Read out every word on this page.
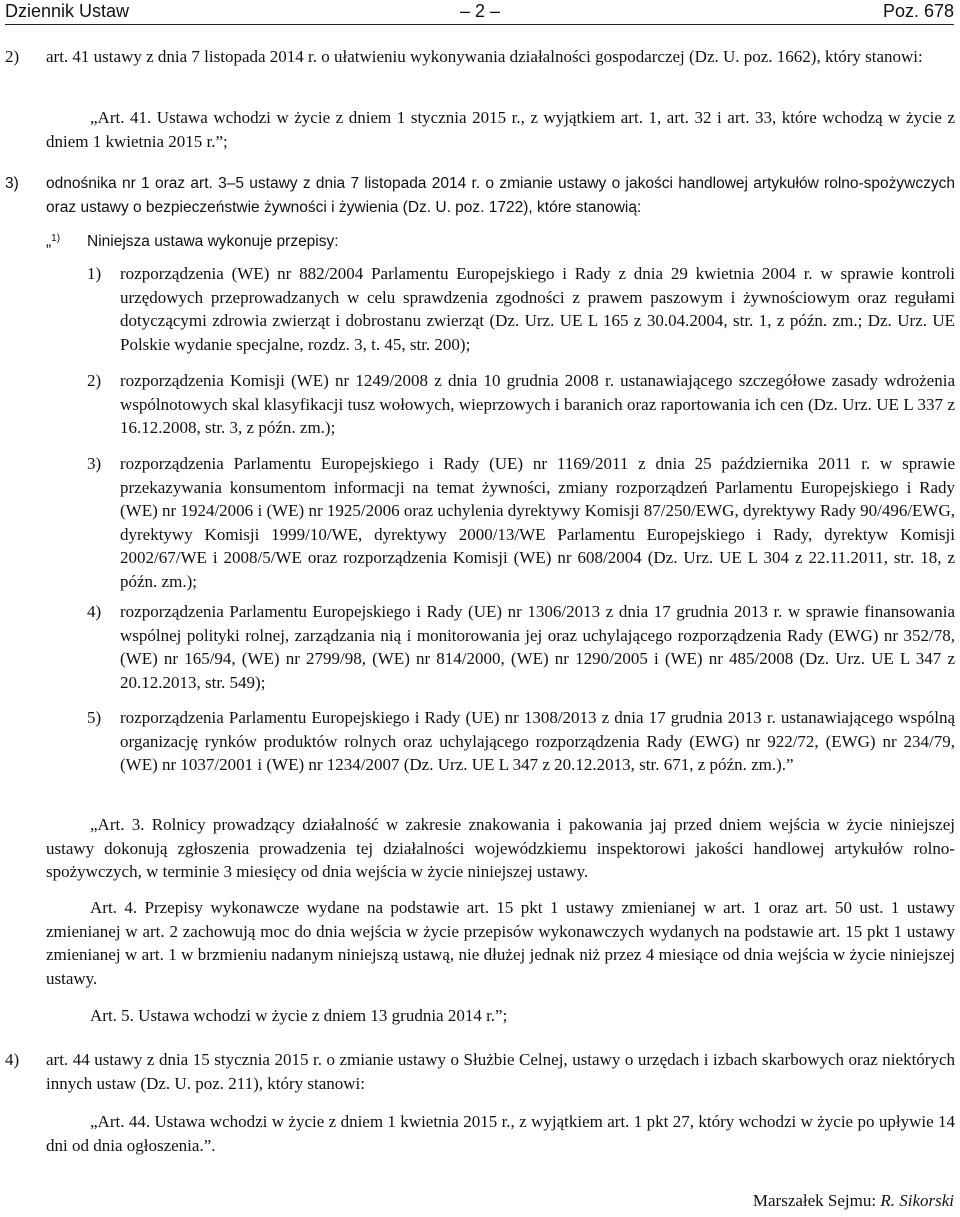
– 2 –
Dziennik Ustaw	Poz. 678
2) art. 41 ustawy z dnia 7 listopada 2014 r. o ułatwieniu wykonywania działalności gospodarczej (Dz. U. poz. 1662), który stanowi:
„Art. 41. Ustawa wchodzi w życie z dniem 1 stycznia 2015 r., z wyjątkiem art. 1, art. 32 i art. 33, które wchodzą w życie z dniem 1 kwietnia 2015 r.”;
3) odnośnika nr 1 oraz art. 3–5 ustawy z dnia 7 listopada 2014 r. o zmianie ustawy o jakości handlowej artykułów rolno-spożywczych oraz ustawy o bezpieczeństwie żywności i żywienia (Dz. U. poz. 1722), które stanowią:
„$^{1)}$ Niniejsza ustawa wykonuje przepisy:
1) rozporządzenia (WE) nr 882/2004 Parlamentu Europejskiego i Rady z dnia 29 kwietnia 2004 r. w sprawie kontroli urzędowych przeprowadzanych w celu sprawdzenia zgodności z prawem paszowym i żywnościowym oraz regułami dotyczącymi zdrowia zwierząt i dobrostanu zwierząt (Dz. Urz. UE L 165 z 30.04.2004, str. 1, z późn. zm.; Dz. Urz. UE Polskie wydanie specjalne, rozdz. 3, t. 45, str. 200);
2) rozporządzenia Komisji (WE) nr 1249/2008 z dnia 10 grudnia 2008 r. ustanawiającego szczegółowe zasady wdrożenia wspólnotowych skal klasyfikacji tusz wołowych, wieprzowych i baranich oraz raportowania ich cen (Dz. Urz. UE L 337 z 16.12.2008, str. 3, z późn. zm.);
3) rozporządzenia Parlamentu Europejskiego i Rady (UE) nr 1169/2011 z dnia 25 października 2011 r. w sprawie przekazywania konsumentom informacji na temat żywności, zmiany rozporządzeń Parlamentu Europejskiego i Rady (WE) nr 1924/2006 i (WE) nr 1925/2006 oraz uchylenia dyrektywy Komisji 87/250/EWG, dyrektywy Rady 90/496/EWG, dyrektywy Komisji 1999/10/WE, dyrektywy 2000/13/WE Parlamentu Europejskiego i Rady, dyrektyw Komisji 2002/67/WE i 2008/5/WE oraz rozporządzenia Komisji (WE) nr 608/2004 (Dz. Urz. UE L 304 z 22.11.2011, str. 18, z późn. zm.);
4) rozporządzenia Parlamentu Europejskiego i Rady (UE) nr 1306/2013 z dnia 17 grudnia 2013 r. w sprawie finansowania wspólnej polityki rolnej, zarządzania nią i monitorowania jej oraz uchylającego rozporządzenia Rady (EWG) nr 352/78, (WE) nr 165/94, (WE) nr 2799/98, (WE) nr 814/2000, (WE) nr 1290/2005 i (WE) nr 485/2008 (Dz. Urz. UE L 347 z 20.12.2013, str. 549);
5) rozporządzenia Parlamentu Europejskiego i Rady (UE) nr 1308/2013 z dnia 17 grudnia 2013 r. ustanawiającego wspólną organizację rynków produktów rolnych oraz uchylającego rozporządzenia Rady (EWG) nr 922/72, (EWG) nr 234/79, (WE) nr 1037/2001 i (WE) nr 1234/2007 (Dz. Urz. UE L 347 z 20.12.2013, str. 671, z późn. zm.).”
„Art. 3. Rolnicy prowadzący działalność w zakresie znakowania i pakowania jaj przed dniem wejścia w życie niniejszej ustawy dokonują zgłoszenia prowadzenia tej działalności wojewódzkiemu inspektorowi jakości handlowej artykułów rolno-spożywczych, w terminie 3 miesięcy od dnia wejścia w życie niniejszej ustawy.
Art. 4. Przepisy wykonawcze wydane na podstawie art. 15 pkt 1 ustawy zmienianej w art. 1 oraz art. 50 ust. 1 ustawy zmienianej w art. 2 zachowują moc do dnia wejścia w życie przepisów wykonawczych wydanych na podstawie art. 15 pkt 1 ustawy zmienianej w art. 1 w brzmieniu nadanym niniejszą ustawą, nie dłużej jednak niż przez 4 miesiące od dnia wejścia w życie niniejszej ustawy.
Art. 5. Ustawa wchodzi w życie z dniem 13 grudnia 2014 r.”;
4) art. 44 ustawy z dnia 15 stycznia 2015 r. o zmianie ustawy o Służbie Celnej, ustawy o urzędach i izbach skarbowych oraz niektórych innych ustaw (Dz. U. poz. 211), który stanowi:
„Art. 44. Ustawa wchodzi w życie z dniem 1 kwietnia 2015 r., z wyjątkiem art. 1 pkt 27, który wchodzi w życie po upływie 14 dni od dnia ogłoszenia.”.
Marszałek Sejmu: R. Sikorski
